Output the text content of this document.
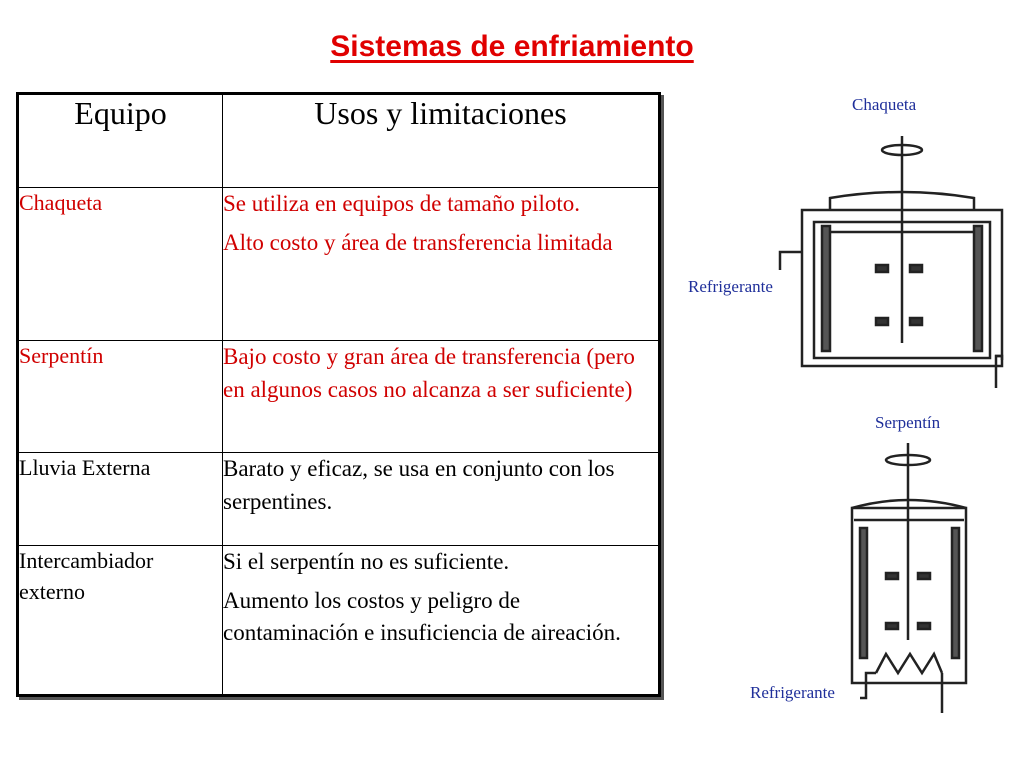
Sistemas de enfriamiento
Equipo	Usos y limitaciones
Chaqueta	Se utiliza en equipos de tamaño piloto.

Alto costo y área de transferencia limitada

Serpentín	Bajo costo y gran área de transferencia (pero en algunos casos no alcanza a ser suficiente)

Lluvia Externa	Barato y eficaz, se usa en conjunto con los serpentines.

Intercambiador externo	Si el serpentín no es suficiente.

Aumento los costos y peligro de contaminación e insuficiencia de aireación.

Chaqueta
Refrigerante
Serpentín
Refrigerante
